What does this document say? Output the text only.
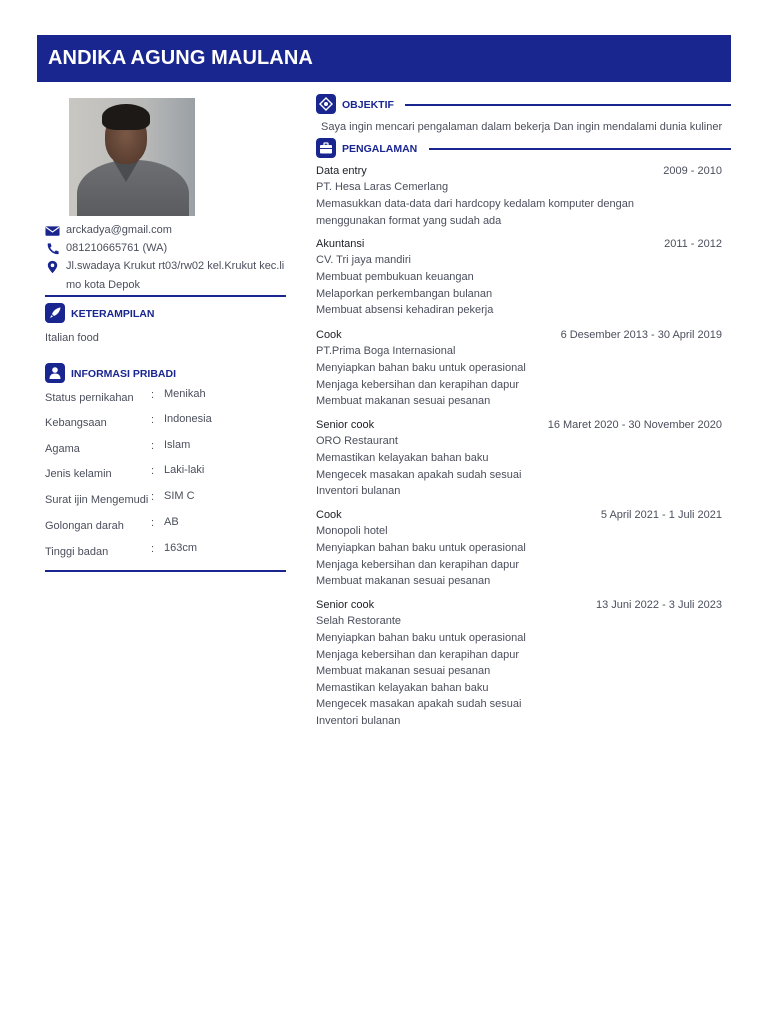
ANDIKA AGUNG MAULANA
arckadya@gmail.com
081210665761 (WA)
Jl.swadaya Krukut rt03/rw02 kel.Krukut kec.li
mo kota Depok
KETERAMPILAN
Italian food
INFORMASI PRIBADI
Status pernikahan : Menikah
Kebangsaan	: Indonesia
Agama	: Islam
Jenis kelamin	: Laki-laki
Surat ijin Mengemudi : SIM C
Golongan darah : AB
Tinggi badan	: 163cm
OBJEKTIF
Saya ingin mencari pengalaman dalam bekerja Dan ingin mendalami dunia kuliner
PENGALAMAN
Data entry	2009 - 2010
PT. Hesa Laras Cemerlang
Memasukkan data-data dari hardcopy kedalam komputer dengan
menggunakan format yang sudah ada
Akuntansi	2011 - 2012
CV. Tri jaya mandiri
Membuat pembukuan keuangan
Melaporkan perkembangan bulanan
Membuat absensi kehadiran pekerja
Cook	6 Desember 2013 - 30 April 2019
PT.Prima Boga Internasional
Menyiapkan bahan baku untuk operasional
Menjaga kebersihan dan kerapihan dapur
Membuat makanan sesuai pesanan
Senior cook	16 Maret 2020 - 30 November 2020
ORO Restaurant
Memastikan kelayakan bahan baku
Mengecek masakan apakah sudah sesuai
Inventori bulanan
Cook	5 April 2021 - 1 Juli 2021
Monopoli hotel
Menyiapkan bahan baku untuk operasional
Menjaga kebersihan dan kerapihan dapur
Membuat makanan sesuai pesanan
Senior cook	13 Juni 2022 - 3 Juli 2023
Selah Restorante
Menyiapkan bahan baku untuk operasional
Menjaga kebersihan dan kerapihan dapur
Membuat makanan sesuai pesanan
Memastikan kelayakan bahan baku
Mengecek masakan apakah sudah sesuai
Inventori bulanan
